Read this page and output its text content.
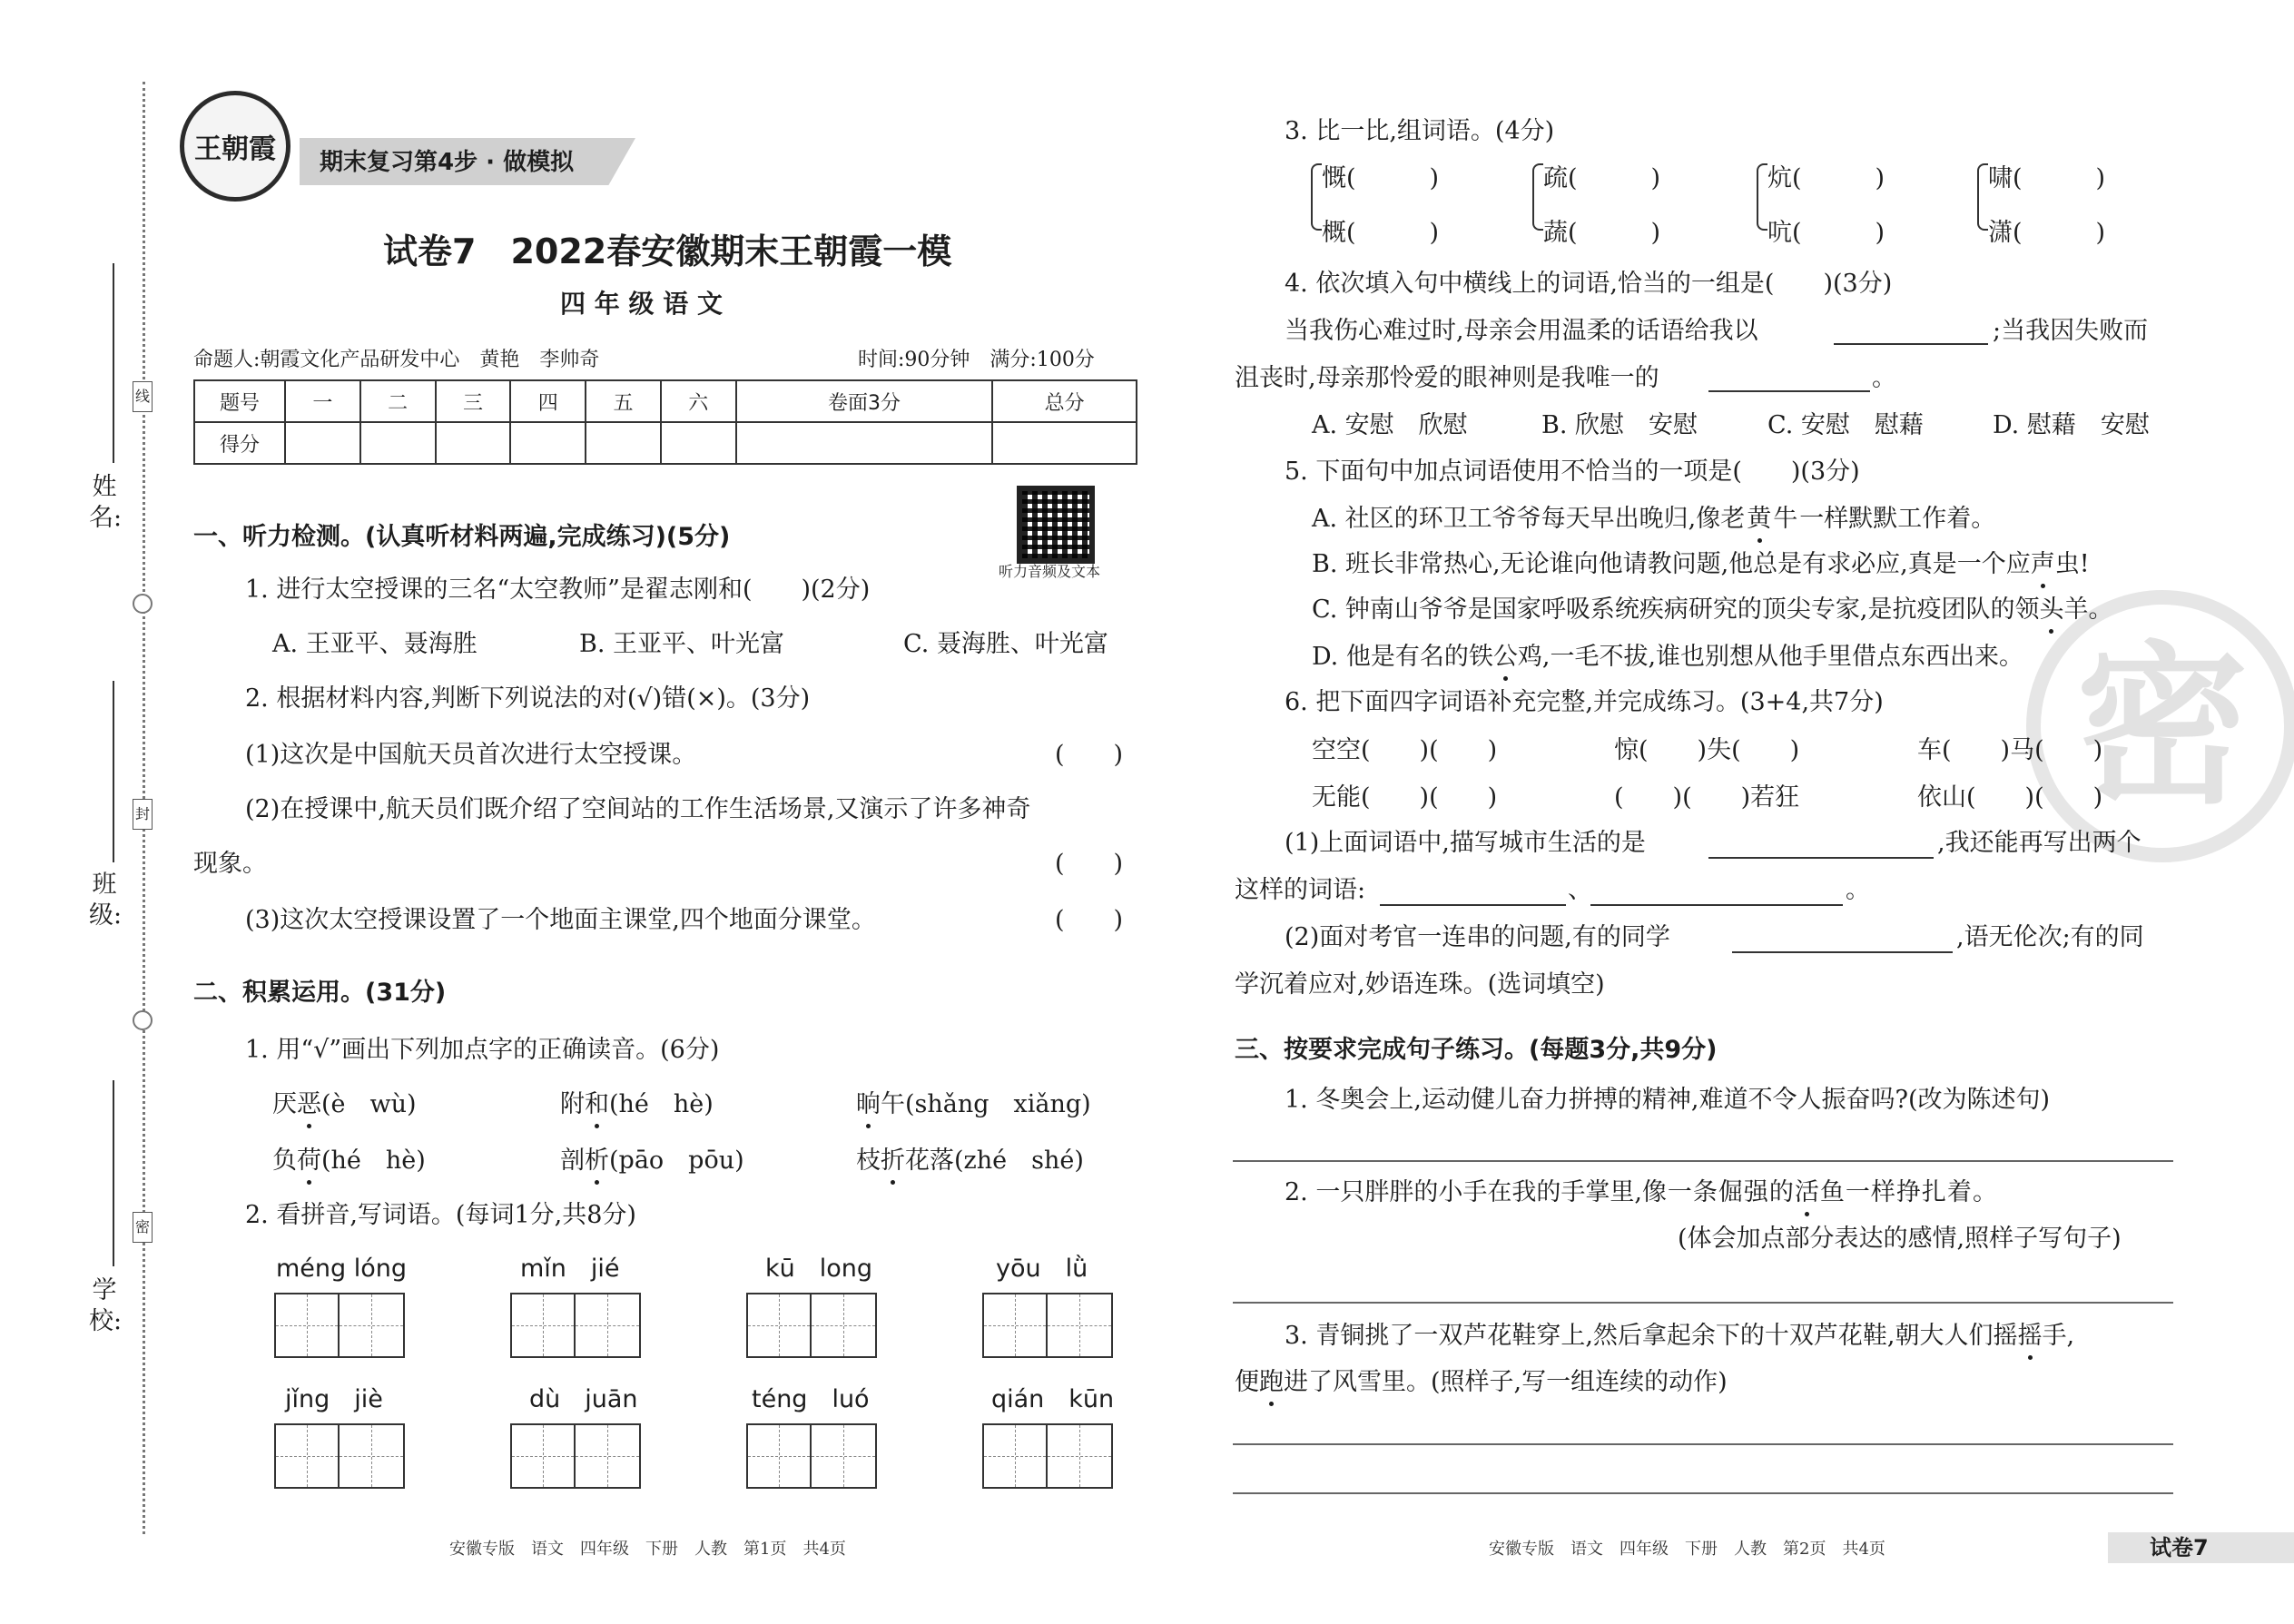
姓名:
班级:
学校:
线
封
密
王朝霞 期末复习第4步 · 做模拟
试卷7　2022春安徽期末王朝霞一模
四 年 级 语 文
命题人:朝霞文化产品研发中心　黄艳　李帅奇	时间:90分钟　满分:100分
题号	一	二	三	四	五	六	卷面3分	总分
得分								
听力音频及文本
一、听力检测。(认真听材料两遍,完成练习)(5分)
1. 进行太空授课的三名“太空教师”是翟志刚和(　　)(2分)
A. 王亚平、聂海胜	B. 王亚平、叶光富	C. 聂海胜、叶光富
2. 根据材料内容,判断下列说法的对(√)错(×)。(3分)
(1)这次是中国航天员首次进行太空授课。	(　　)
(2)在授课中,航天员们既介绍了空间站的工作生活场景,又演示了许多神奇
现象。	(　　)
(3)这次太空授课设置了一个地面主课堂,四个地面分课堂。	(　　)
二、积累运用。(31分)
1. 用“√”画出下列加点字的正确读音。(6分)
厌恶(è　wù)	附和(hé　hè)	晌午(shǎng　xiǎng)
负荷(hé　hè)	剖析(pāo　pōu)	枝折花落(zhé　shé)
2. 看拼音,写词语。(每词1分,共8分)
méng lóng	mǐn　jié	kū　long	yōu　lǜ
jǐng　jiè	dù　juān	téng　luó	qián　kūn
安徽专版　语文　四年级　下册　人教　第1页　共4页
密
3. 比一比,组词语。(4分)
慨(　　　)
概(　　　)
疏(　　　)
蔬(　　　)
炕(　　　)
吭(　　　)
啸(　　　)
潇(　　　)
4. 依次填入句中横线上的词语,恰当的一组是(　　)(3分)
当我伤心难过时,母亲会用温柔的话语给我以	;当我因失败而
沮丧时,母亲那怜爱的眼神则是我唯一的	。
A. 安慰　欣慰	B. 欣慰　安慰	C. 安慰　慰藉	D. 慰藉　安慰
5. 下面句中加点词语使用不恰当的一项是(　　)(3分)
A. 社区的环卫工爷爷每天早出晚归,像老黄牛一样默默工作着。
B. 班长非常热心,无论谁向他请教问题,他总是有求必应,真是一个应声虫!
C. 钟南山爷爷是国家呼吸系统疾病研究的顶尖专家,是抗疫团队的领头羊。
D. 他是有名的铁公鸡,一毛不拔,谁也别想从他手里借点东西出来。
6. 把下面四字词语补充完整,并完成练习。(3+4,共7分)
空空(　　)(　　)	惊(　　)失(　　)	车(　　)马(　　)
无能(　　)(　　)	(　　)(　　)若狂	依山(　　)(　　)
(1)上面词语中,描写城市生活的是	,我还能再写出两个
这样的词语:	、	。
(2)面对考官一连串的问题,有的同学	,语无伦次;有的同
学沉着应对,妙语连珠。(选词填空)
三、按要求完成句子练习。(每题3分,共9分)
1. 冬奥会上,运动健儿奋力拼搏的精神,难道不令人振奋吗?(改为陈述句)
2. 一只胖胖的小手在我的手掌里,像一条倔强的活鱼一样挣扎着。
(体会加点部分表达的感情,照样子写句子)
3. 青铜挑了一双芦花鞋穿上,然后拿起余下的十双芦花鞋,朝大人们摇摇手,
便跑进了风雪里。(照样子,写一组连续的动作)
安徽专版　语文　四年级　下册　人教　第2页　共4页	试卷7
